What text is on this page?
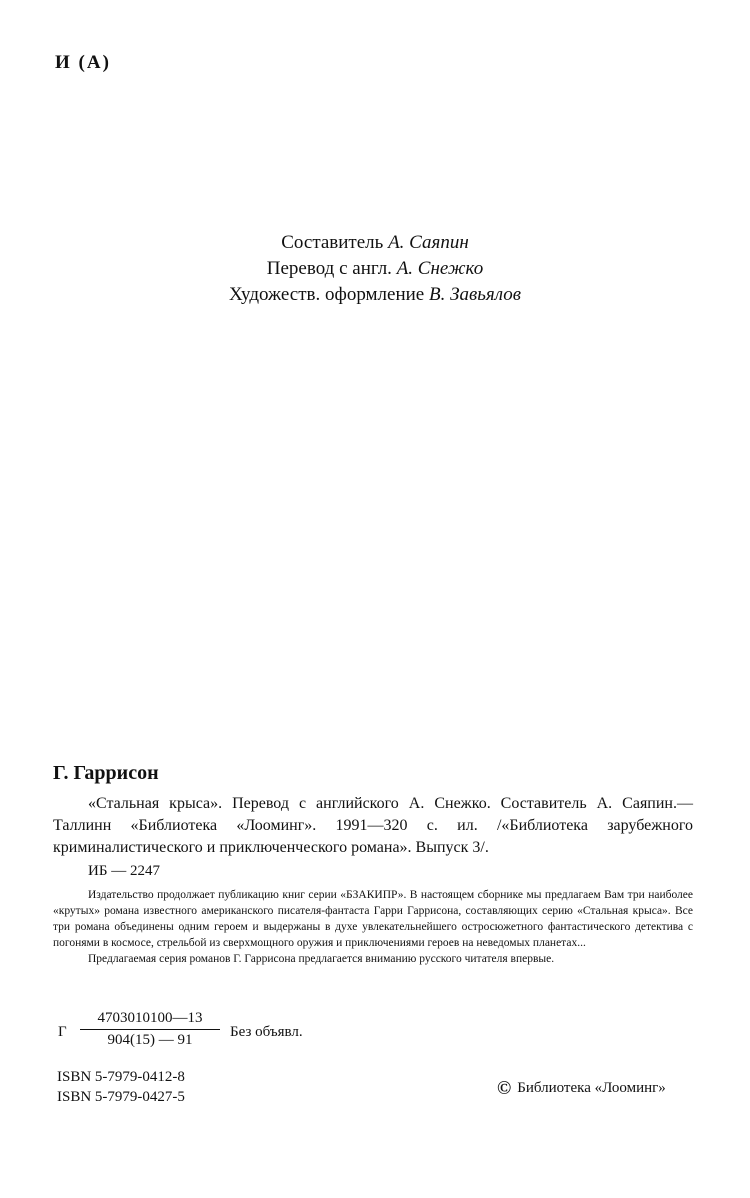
И (А)
Составитель А. Саяпин
Перевод с англ. А. Снежко
Художеств. оформление В. Завьялов
Г. Гаррисон
«Стальная крыса». Перевод с английского А. Снежко. Составитель А. Саяпин.— Таллинн «Библиотека «Лооминг». 1991—320 с. ил. /«Библиотека зарубежного криминалистического и приключенческого романа». Выпуск 3/.
ИБ — 2247

Издательство продолжает публикацию книг серии «БЗАКИПР». В настоящем сборнике мы предлагаем Вам три наиболее «крутых» романа известного американского писателя-фантаста Гарри Гаррисона, составляющих серию «Стальная крыса». Все три романа объединены одним героем и выдержаны в духе увлекательнейшего остросюжетного фантастического детектива с погонями в космосе, стрельбой из сверхмощного оружия и приключениями героев на неведомых планетах...

Предлагаемая серия романов Г. Гаррисона предлагается вниманию русского читателя впервые.

Г $\frac{4703010100—13}{904(15) — 91}$ Без объявл.
ISBN 5-7979-0412-8
ISBN 5-7979-0427-5	© Библиотека «Лооминг»
